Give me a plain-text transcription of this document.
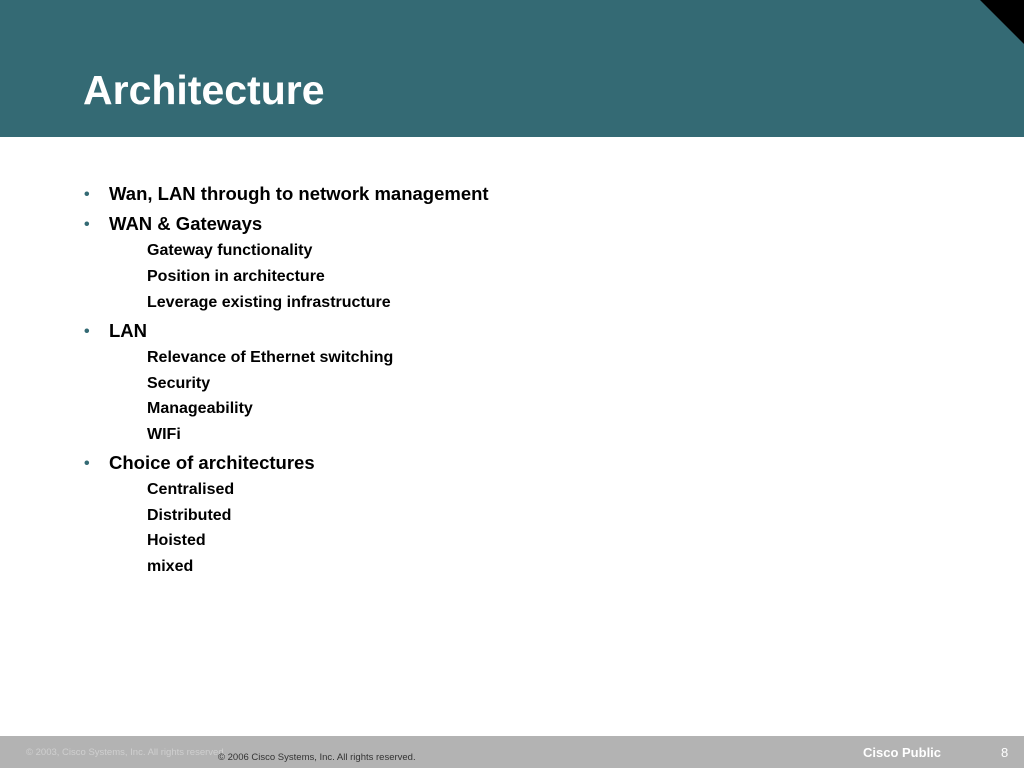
Architecture
• Wan, LAN through to network management
• WAN & Gateways
Gateway functionality
Position in architecture
Leverage existing infrastructure
• LAN
Relevance of Ethernet switching
Security
Manageability
WIFi
• Choice of architectures
Centralised
Distributed
Hoisted
mixed
© 2003, Cisco Systems, Inc. All rights reserved.
© 2006 Cisco Systems, Inc. All rights reserved.	Cisco Public	8
